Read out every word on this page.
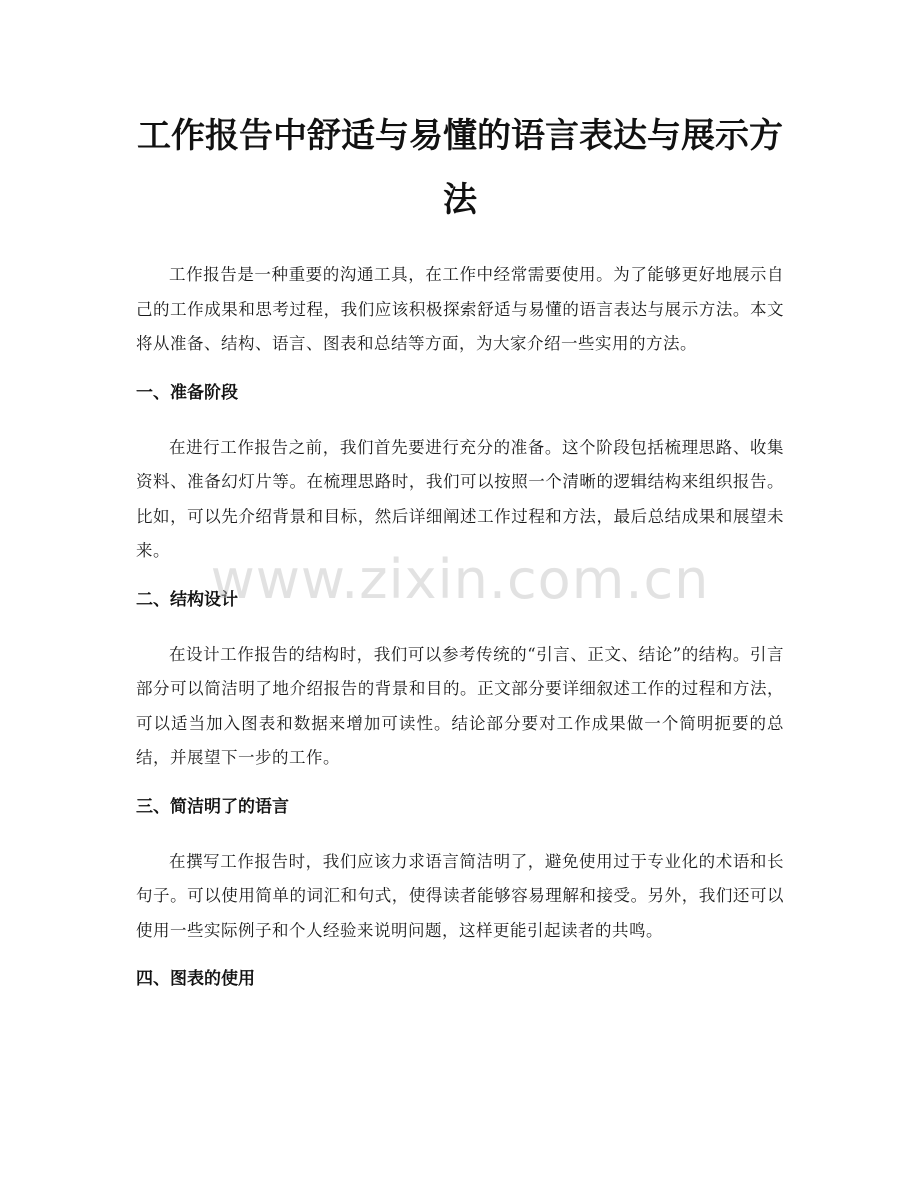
工作报告中舒适与易懂的语言表达与展示方法

工作报告是一种重要的沟通工具，在工作中经常需要使用。为了能够更好地展示自己的工作成果和思考过程，我们应该积极探索舒适与易懂的语言表达与展示方法。本文将从准备、结构、语言、图表和总结等方面，为大家介绍一些实用的方法。

一、准备阶段

在进行工作报告之前，我们首先要进行充分的准备。这个阶段包括梳理思路、收集资料、准备幻灯片等。在梳理思路时，我们可以按照一个清晰的逻辑结构来组织报告。比如，可以先介绍背景和目标，然后详细阐述工作过程和方法，最后总结成果和展望未来。

二、结构设计

在设计工作报告的结构时，我们可以参考传统的“引言、正文、结论”的结构。引言部分可以简洁明了地介绍报告的背景和目的。正文部分要详细叙述工作的过程和方法，可以适当加入图表和数据来增加可读性。结论部分要对工作成果做一个简明扼要的总结，并展望下一步的工作。

三、简洁明了的语言

在撰写工作报告时，我们应该力求语言简洁明了，避免使用过于专业化的术语和长句子。可以使用简单的词汇和句式，使得读者能够容易理解和接受。另外，我们还可以使用一些实际例子和个人经验来说明问题，这样更能引起读者的共鸣。

四、图表的使用
www.zixin.com.cn
